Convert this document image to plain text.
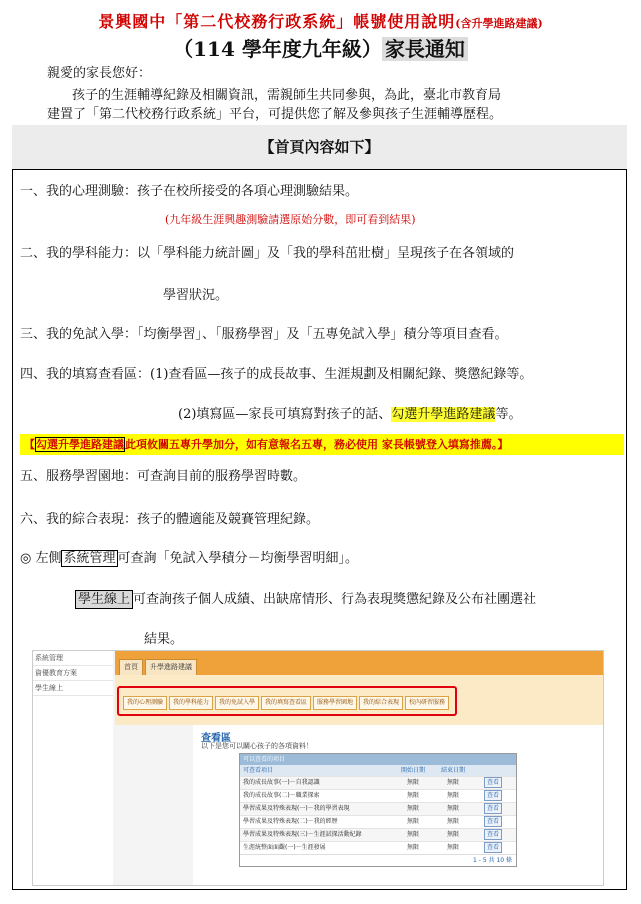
景興國中「第二代校務行政系統」帳號使用說明(含升學進路建議)
（114 學年度九年級） 家長通知
親愛的家長您好：
孩子的生涯輔導紀錄及相關資訊，需親師生共同參與，為此，臺北市教育局
建置了「第二代校務行政系統」平台，可提供您了解及參與孩子生涯輔導歷程。
【首頁內容如下】
一、我的心理測驗：孩子在校所接受的各項心理測驗結果。
(九年級生涯興趣測驗請選原始分數，即可看到結果)
二、我的學科能力：以「學科能力統計圖」及「我的學科茁壯樹」呈現孩子在各領域的
學習狀況。
三、我的免試入學：「均衡學習」、「服務學習」及「五專免試入學」積分等項目查看。
四、我的填寫查看區：(1)查看區—孩子的成長故事、生涯規劃及相關紀錄、獎懲紀錄等。
(2)填寫區—家長可填寫對孩子的話、勾選升學進路建議等。
【勾選升學進路建議此項攸關五專升學加分，如有意報名五專，務必使用 家長帳號登入填寫推薦。】
五、服務學習園地：可查詢目前的服務學習時數。
六、我的綜合表現：孩子的體適能及競賽管理紀錄。
◎ 左側 系統管理 可查詢「免試入學積分－均衡學習明細」。
學生線上 可查詢孩子個人成績、出缺席情形、行為表現獎懲紀錄及公布社團選社
結果。
系統管理
資優教育方案
學生線上
首頁	升學進路建議
我的心理測驗	我的學科能力	我的免試入學	我的填寫查看區	服務學習園地	我的綜合表現	校內研習服務
查看區
以下是您可以關心孩子的各項資料！
可以查看的項目
可查看項目	開始日期	結束日期
我的成長故事(一)－自我認識	無限	無限	查看
我的成長故事(二)－職業探索	無限	無限	查看
學習成果及特殊表現(一)－我的學習表現	無限	無限	查看
學習成果及特殊表現(二)－我的經歷	無限	無限	查看
學習成果及特殊表現(三)－生涯試探活動紀錄	無限	無限	查看
生涯統整面面觀(一)－生涯發展	無限	無限	查看
1 - 5 共 10 條
